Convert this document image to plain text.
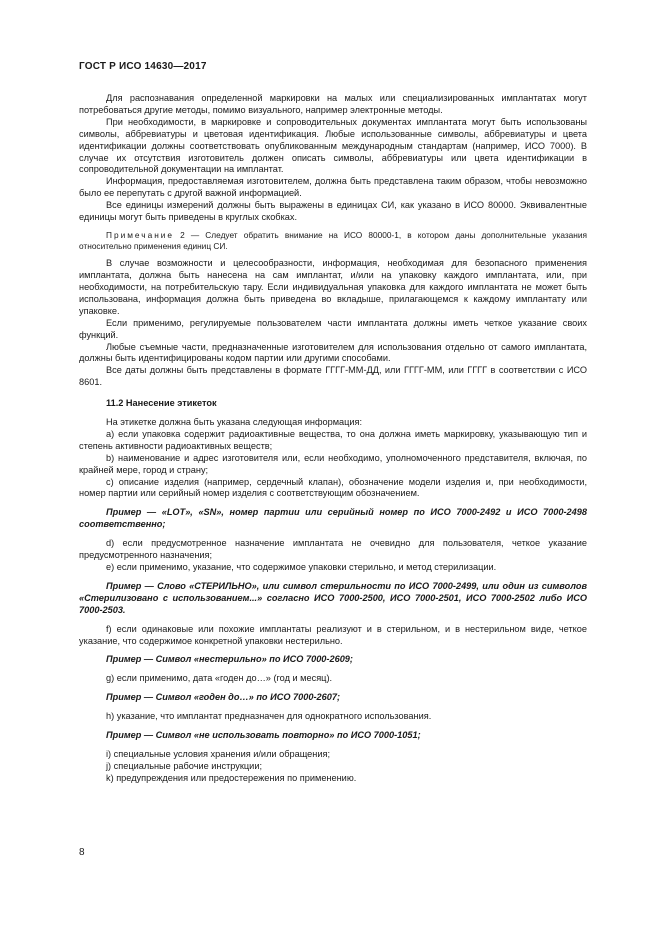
ГОСТ Р ИСО 14630—2017

Для распознавания определенной маркировки на малых или специализированных имплантатах могут потребоваться другие методы, помимо визуального, например электронные методы.

При необходимости, в маркировке и сопроводительных документах имплантата могут быть использованы символы, аббревиатуры и цветовая идентификация. Любые использованные символы, аббревиатуры и цвета идентификации должны соответствовать опубликованным международным стандартам (например, ИСО 7000). В случае их отсутствия изготовитель должен описать символы, аббревиатуры или цвета идентификации в сопроводительной документации на имплантат.

Информация, предоставляемая изготовителем, должна быть представлена таким образом, чтобы невозможно было ее перепутать с другой важной информацией.

Все единицы измерений должны быть выражены в единицах СИ, как указано в ИСО 80000. Эквивалентные единицы могут быть приведены в круглых скобках.

Примечание 2 — Следует обратить внимание на ИСО 80000-1, в котором даны дополнительные указания относительно применения единиц СИ.

В случае возможности и целесообразности, информация, необходимая для безопасного применения имплантата, должна быть нанесена на сам имплантат, и/или на упаковку каждого имплантата, или, при необходимости, на потребительскую тару. Если индивидуальная упаковка для каждого имплантата не может быть использована, информация должна быть приведена во вкладыше, прилагающемся к каждому имплантату или упаковке.

Если применимо, регулируемые пользователем части имплантата должны иметь четкое указание своих функций.

Любые съемные части, предназначенные изготовителем для использования отдельно от самого имплантата, должны быть идентифицированы кодом партии или другими способами.

Все даты должны быть представлены в формате ГГГГ-ММ-ДД, или ГГГГ-ММ, или ГГГГ в соответствии с ИСО 8601.

11.2 Нанесение этикеток

На этикетке должна быть указана следующая информация:

a) если упаковка содержит радиоактивные вещества, то она должна иметь маркировку, указывающую тип и степень активности радиоактивных веществ;

b) наименование и адрес изготовителя или, если необходимо, уполномоченного представителя, включая, по крайней мере, город и страну;

c) описание изделия (например, сердечный клапан), обозначение модели изделия и, при необходимости, номер партии или серийный номер изделия с соответствующим обозначением.

Пример — «LOT», «SN», номер партии или серийный номер по ИСО 7000-2492 и ИСО 7000-2498 соответственно;

d) если предусмотренное назначение имплантата не очевидно для пользователя, четкое указание предусмотренного назначения;

e) если применимо, указание, что содержимое упаковки стерильно, и метод стерилизации.

Пример — Слово «СТЕРИЛЬНО», или символ стерильности по ИСО 7000-2499, или один из символов «Стерилизовано с использованием...» согласно ИСО 7000-2500, ИСО 7000-2501, ИСО 7000-2502 либо ИСО 7000-2503.

f) если одинаковые или похожие имплантаты реализуют и в стерильном, и в нестерильном виде, четкое указание, что содержимое конкретной упаковки нестерильно.

Пример — Символ «нестерильно» по ИСО 7000-2609;

g) если применимо, дата «годен до…» (год и месяц).

Пример — Символ «годен до…» по ИСО 7000-2607;

h) указание, что имплантат предназначен для однократного использования.

Пример — Символ «не использовать повторно» по ИСО 7000-1051;

i) специальные условия хранения и/или обращения;

j) специальные рабочие инструкции;

k) предупреждения или предостережения по применению.

8
